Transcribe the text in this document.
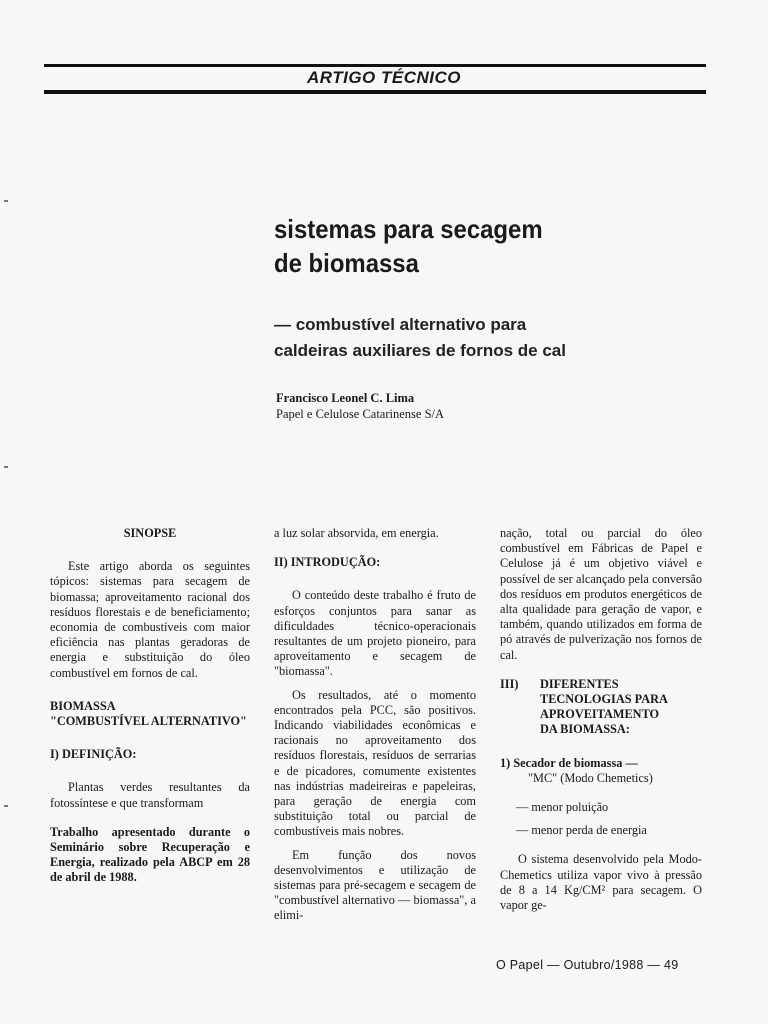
ARTIGO TÉCNICO
sistemas para secagem
de biomassa
— combustível alternativo para
caldeiras auxiliares de fornos de cal
Francisco Leonel C. Lima
Papel e Celulose Catarinense S/A

SINOPSE

Este artigo aborda os seguintes tópicos: sistemas para secagem de biomassa; aproveitamento racional dos resíduos florestais e de beneficiamento; economia de combustíveis com maior eficiência nas plantas geradoras de energia e substituição do óleo combustível em fornos de cal.

BIOMASSA

"COMBUSTÍVEL ALTERNATIVO"

I) DEFINIÇÃO:

Plantas verdes resultantes da fotossíntese e que transformam

Trabalho apresentado durante o Seminário sobre Recuperação e Energia, realizado pela ABCP em 28 de abril de 1988.

a luz solar absorvida, em energia.

II) INTRODUÇÃO:

O conteúdo deste trabalho é fruto de esforços conjuntos para sanar as dificuldades técnico-operacionais resultantes de um projeto pioneiro, para aproveitamento e secagem de "biomassa".

Os resultados, até o momento encontrados pela PCC, são positivos. Indicando viabilidades econômicas e racionais no aproveitamento dos resíduos florestais, resíduos de serrarias e de picadores, comumente existentes nas indústrias madeireiras e papeleiras, para geração de energia com substituição total ou parcial de combustíveis mais nobres.

Em função dos novos desenvolvimentos e utilização de sistemas para pré-secagem e secagem de "combustível alternativo — biomassa", a elimi-

nação, total ou parcial do óleo combustível em Fábricas de Papel e Celulose já é um objetivo viável e possível de ser alcançado pela conversão dos resíduos em produtos energéticos de alta qualidade para geração de vapor, e também, quando utilizados em forma de pó através de pulverização nos fornos de cal.

III)	DIFERENTES

TECNOLOGIAS PARA

APROVEITAMENTO

DA BIOMASSA:

1) Secador de biomassa —

"MC" (Modo Chemetics)

— menor poluição

— menor perda de energia

O sistema desenvolvido pela Modo-Chemetics utiliza vapor vivo à pressão de 8 a 14 Kg/CM² para secagem. O vapor ge-

O Papel — Outubro/1988 — 49
